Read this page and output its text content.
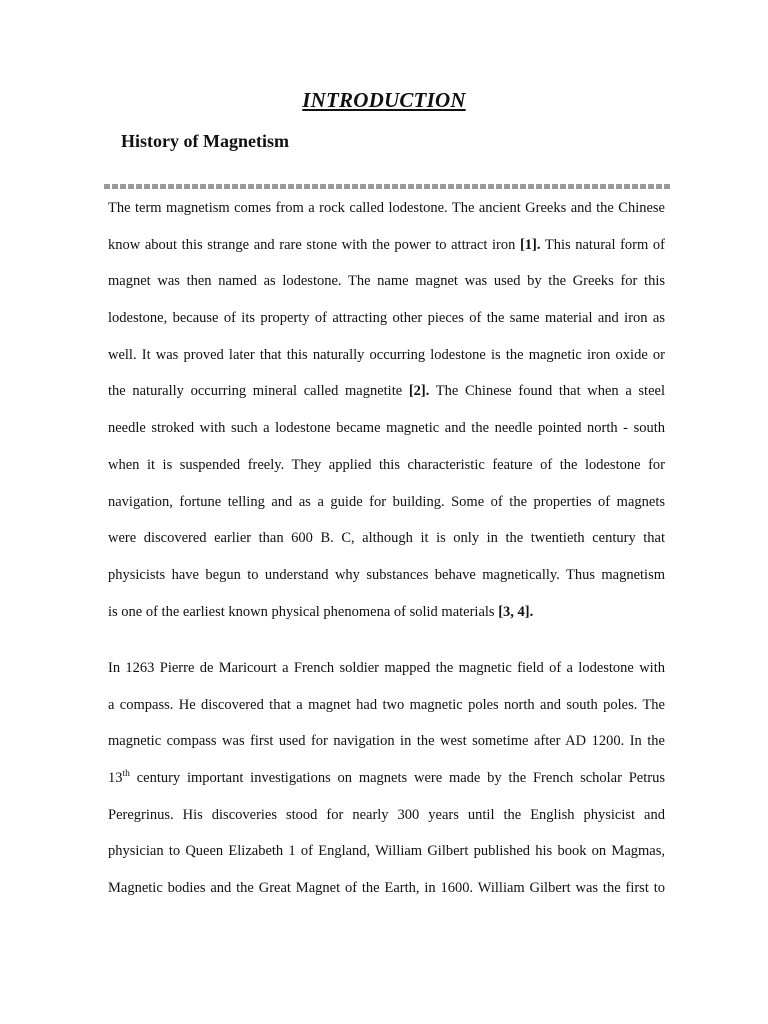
INTRODUCTION
History of Magnetism
The term magnetism comes from a rock called lodestone. The ancient Greeks and the Chinese
know about this strange and rare stone with the power to attract iron [1]. This natural form of
magnet was then named as lodestone. The name magnet was used by the Greeks for this
lodestone, because of its property of attracting other pieces of the same material and iron as
well. It was proved later that this naturally occurring lodestone is the magnetic iron oxide or
the naturally occurring mineral called magnetite [2]. The Chinese found that when a steel
needle stroked with such a lodestone became magnetic and the needle pointed north - south
when it is suspended freely. They applied this characteristic feature of the lodestone for
navigation, fortune telling and as a guide for building. Some of the properties of magnets
were discovered earlier than 600 B. C, although it is only in the twentieth century that
physicists have begun to understand why substances behave magnetically. Thus magnetism
is one of the earliest known physical phenomena of solid materials [3, 4].
In 1263 Pierre de Maricourt a French soldier mapped the magnetic field of a lodestone with
a compass. He discovered that a magnet had two magnetic poles north and south poles. The
magnetic compass was first used for navigation in the west sometime after AD 1200. In the
13th century important investigations on magnets were made by the French scholar Petrus
Peregrinus. His discoveries stood for nearly 300 years until the English physicist and
physician to Queen Elizabeth 1 of England, William Gilbert published his book on Magmas,
Magnetic bodies and the Great Magnet of the Earth, in 1600. William Gilbert was the first to
